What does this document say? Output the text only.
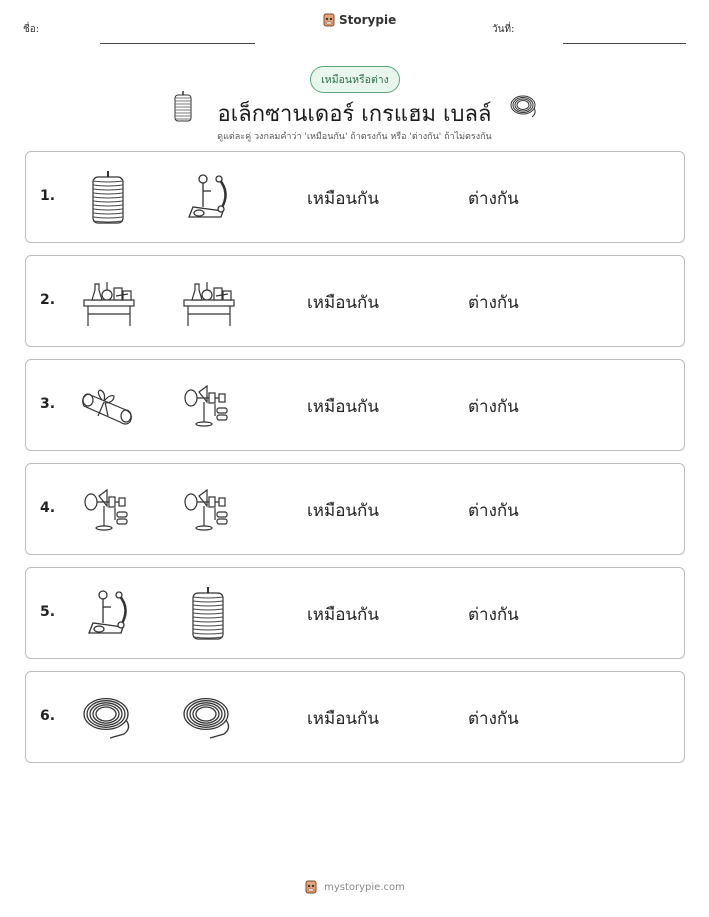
ชื่อ:
Storypie
วันที่:
เหมือนหรือต่าง
อเล็กซานเดอร์ เกรแฮม เบลล์
ดูแต่ละคู่ วงกลมคำว่า 'เหมือนกัน' ถ้าตรงกัน หรือ 'ต่างกัน' ถ้าไม่ตรงกัน
1.	เหมือนกัน	ต่างกัน
2.	เหมือนกัน	ต่างกัน
3.	เหมือนกัน	ต่างกัน
4.	เหมือนกัน	ต่างกัน
5.	เหมือนกัน	ต่างกัน
6.	เหมือนกัน	ต่างกัน
mystorypie.com
